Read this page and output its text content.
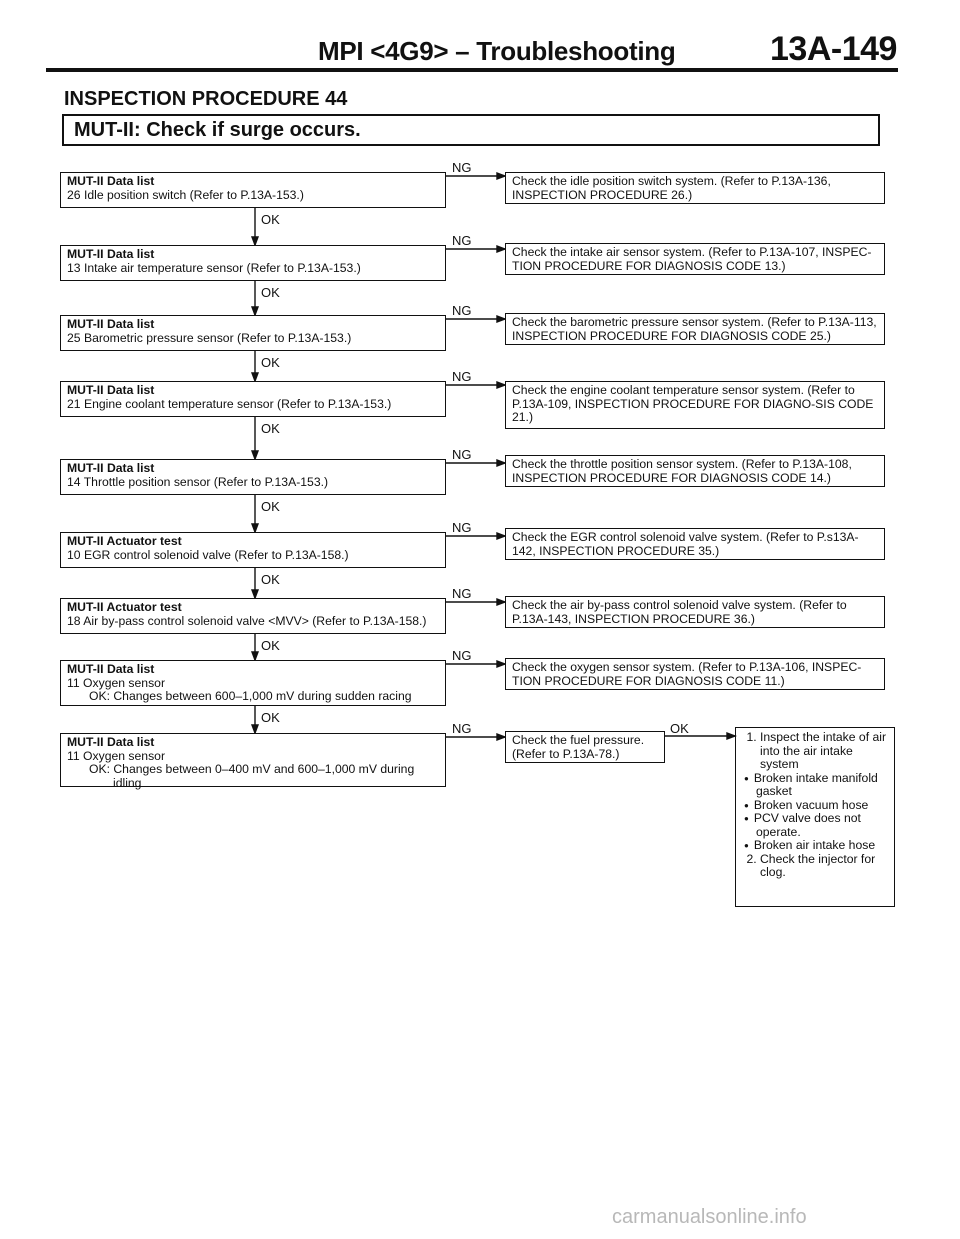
MPI <4G9> – Troubleshooting	13A-149
INSPECTION PROCEDURE 44
MUT-II: Check if surge occurs.
MUT-II Data list
26 Idle position switch (Refer to P.13A-153.)
Check the idle position switch system. (Refer to P.13A-136, INSPECTION PROCEDURE 26.)
NG
OK
MUT-II Data list
13 Intake air temperature sensor (Refer to P.13A-153.)
Check the intake air sensor system. (Refer to P.13A-107, INSPEC-TION PROCEDURE FOR DIAGNOSIS CODE 13.)
NG
OK
MUT-II Data list
25 Barometric pressure sensor (Refer to P.13A-153.)
Check the barometric pressure sensor system. (Refer to P.13A-113, INSPECTION PROCEDURE FOR DIAGNOSIS CODE 25.)
NG
OK
MUT-II Data list
21 Engine coolant temperature sensor (Refer to P.13A-153.)
Check the engine coolant temperature sensor system. (Refer to P.13A-109, INSPECTION PROCEDURE FOR DIAGNO-SIS CODE 21.)
NG
OK
MUT-II Data list
14 Throttle position sensor (Refer to P.13A-153.)
Check the throttle position sensor system. (Refer to P.13A-108, INSPECTION PROCEDURE FOR DIAGNOSIS CODE 14.)
NG
OK
MUT-II Actuator test
10 EGR control solenoid valve (Refer to P.13A-158.)
Check the EGR control solenoid valve system. (Refer to P.s13A-142, INSPECTION PROCEDURE 35.)
NG
OK
MUT-II Actuator test
18 Air by-pass control solenoid valve <MVV> (Refer to P.13A-158.)
Check the air by-pass control solenoid valve system. (Refer to P.13A-143, INSPECTION PROCEDURE 36.)
NG
OK
MUT-II Data list
11 Oxygen sensor
OK: Changes between 600–1,000 mV during sudden racing
Check the oxygen sensor system. (Refer to P.13A-106, INSPEC-TION PROCEDURE FOR DIAGNOSIS CODE 11.)
NG
OK
MUT-II Data list
11 Oxygen sensor
OK: Changes between 0–400 mV and 600–1,000 mV during
idling
Check the fuel pressure. (Refer to P.13A-78.)
NG	OK
1. Inspect the intake of air into the air intake system
● Broken intake manifold gasket
● Broken vacuum hose
● PCV valve does not operate.
● Broken air intake hose
2. Check the injector for clog.
carmanualsonline.info
